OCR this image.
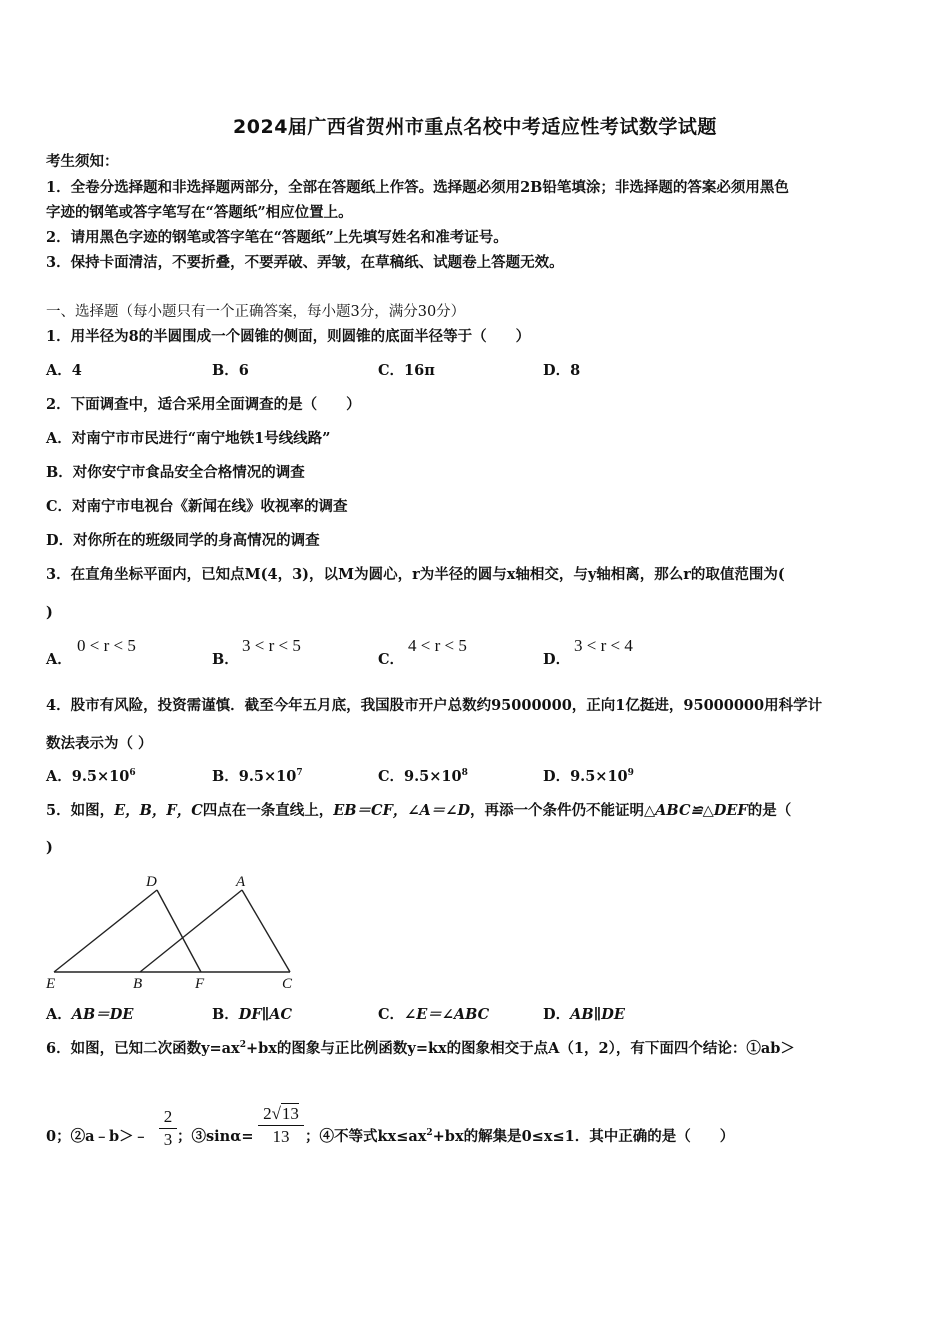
2024届广西省贺州市重点名校中考适应性考试数学试题
考生须知：
1．全卷分选择题和非选择题两部分，全部在答题纸上作答。选择题必须用2B铅笔填涂；非选择题的答案必须用黑色
字迹的钢笔或答字笔写在“答题纸”相应位置上。
2．请用黑色字迹的钢笔或答字笔在“答题纸”上先填写姓名和准考证号。
3．保持卡面清洁，不要折叠，不要弄破、弄皱，在草稿纸、试题卷上答题无效。
一、选择题（每小题只有一个正确答案，每小题3分，满分30分）
1．用半径为8的半圆围成一个圆锥的侧面，则圆锥的底面半径等于（　　）
A．4	B．6	C．16π	D．8
2．下面调查中，适合采用全面调查的是（　　）
A．对南宁市市民进行“南宁地铁1号线线路”
B．对你安宁市食品安全合格情况的调查
C．对南宁市电视台《新闻在线》收视率的调查
D．对你所在的班级同学的身高情况的调查
3．在直角坐标平面内，已知点M(4，3)，以M为圆心，r为半径的圆与x轴相交，与y轴相离，那么r的取值范围为(
)
A．
0 < r < 5
B．
3 < r < 5
C．
4 < r < 5
D．
3 < r < 4
4．股市有风险，投资需谨慎．截至今年五月底，我国股市开户总数约95000000，正向1亿挺进，95000000用科学计
数法表示为（ ）
A．$9.5\times 10^6$	B．$9.5\times 10^7$	C．$9.5\times 10^8$	D．$9.5\times 10^9$
5．如图，E，B，F，C四点在一条直线上，EB＝CF，∠A＝∠D，再添一个条件仍不能证明△ABC≌△DEF的是（
)
D	A
E	B	F	C
A．AB＝DE	B．DF∥AC	C．∠E＝∠ABC	D．AB∥DE
6．如图，已知二次函数$y=ax^2+bx$的图象与正比例函数y=kx的图象相交于点A（1，2），有下面四个结论：①ab＞
0；②a﹣b＞﹣
2
3 ；③sinα=
2√13
13	；④不等式$kx\le ax^2+bx$的解集是0≤x≤1．其中正确的是（　　）
